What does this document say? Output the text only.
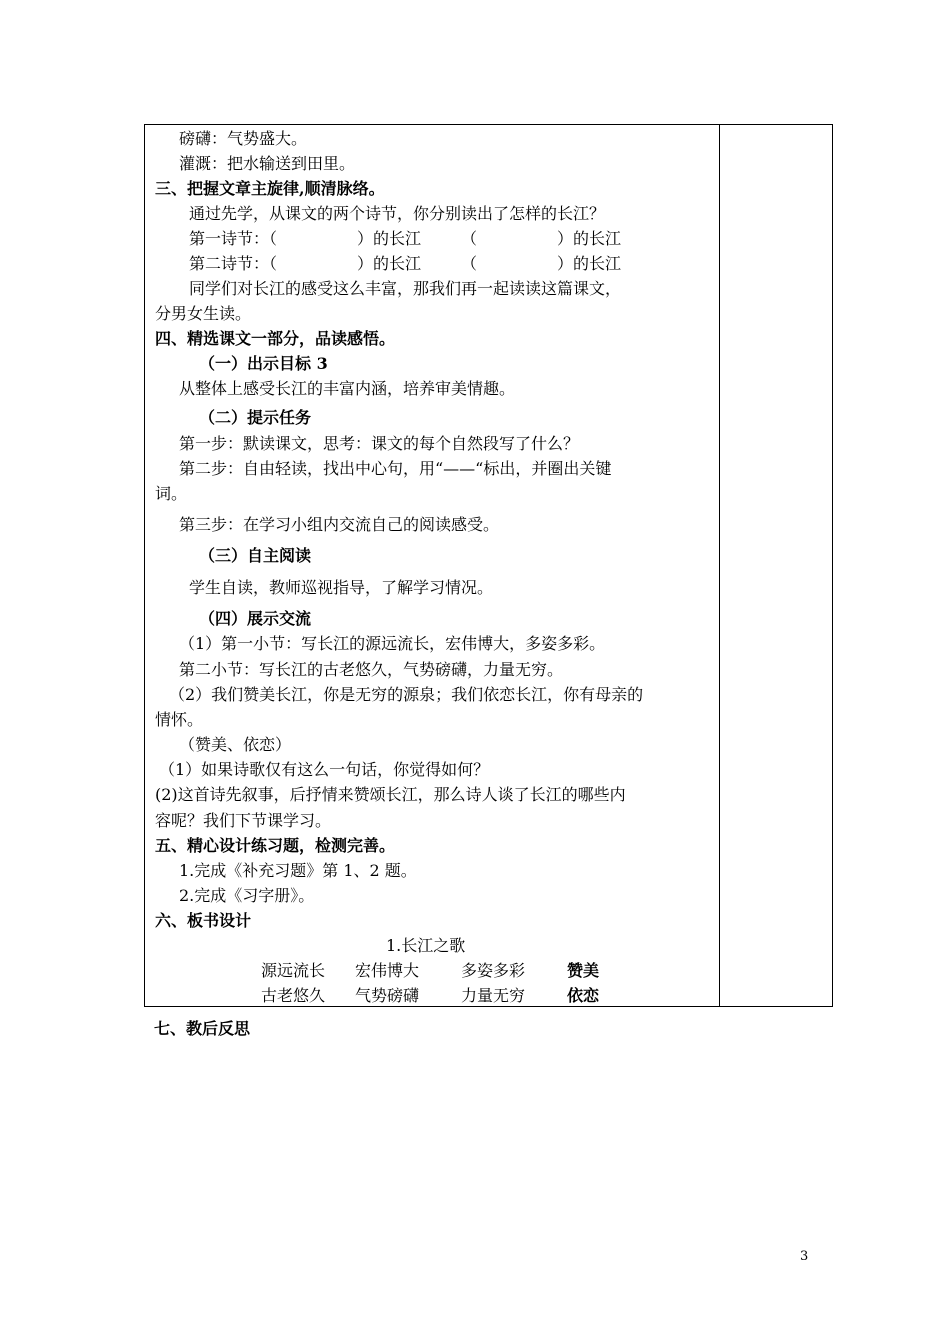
磅礴：气势盛大。
灌溉：把水输送到田里。
三、把握文章主旋律,顺清脉络。
通过先学，从课文的两个诗节，你分别读出了怎样的长江？
第一诗节：（　　　　　）的长江　　　（　　　　　）的长江
第二诗节：（　　　　　）的长江　　　（　　　　　）的长江
同学们对长江的感受这么丰富，那我们再一起读读这篇课文，
分男女生读。
四、精选课文一部分，品读感悟。
（一）出示目标 3
从整体上感受长江的丰富内涵，培养审美情趣。
（二）提示任务
第一步：默读课文，思考：课文的每个自然段写了什么？
第二步：自由轻读，找出中心句，用“——“标出，并圈出关键
词。
第三步：在学习小组内交流自己的阅读感受。
（三）自主阅读
学生自读，教师巡视指导，了解学习情况。
（四）展示交流
（1）第一小节：写长江的源远流长，宏伟博大，多姿多彩。
第二小节：写长江的古老悠久，气势磅礴，力量无穷。
（2）我们赞美长江，你是无穷的源泉；我们依恋长江，你有母亲的
情怀。
（赞美、依恋）
（1）如果诗歌仅有这么一句话，你觉得如何？
(2)这首诗先叙事，后抒情来赞颂长江，那么诗人谈了长江的哪些内
容呢？我们下节课学习。
五、精心设计练习题，检测完善。
1.完成《补充习题》第 1、2 题。
2.完成《习字册》。
六、板书设计
1.长江之歌
源远流长 宏伟博大	多姿多彩	赞美
古老悠久 气势磅礴	力量无穷	依恋
七、教后反思
3
